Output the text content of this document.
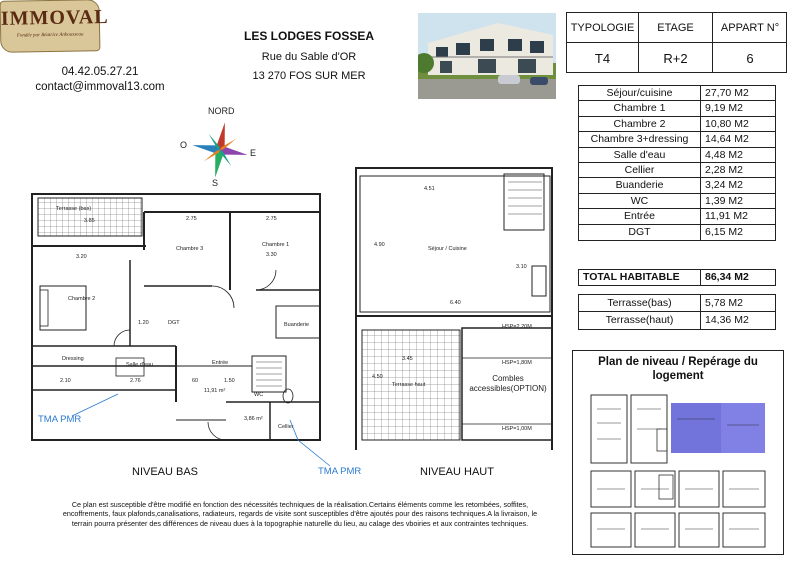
IMMOVAL
Fondée par Béatrice Anbousseau
04.42.05.27.21
contact@immoval13.com
LES LODGES FOSSEA
Rue du Sable d'OR
13 270 FOS SUR MER
TYPOLOGIE	ETAGE	APPART N°
T4	R+2	6
Séjour/cuisine	27,70 M2
Chambre 1	9,19 M2
Chambre 2	10,80 M2
Chambre 3+dressing	14,64 M2
Salle d'eau	4,48 M2
Cellier	2,28 M2
Buanderie	3,24 M2
WC	1,39 M2
Entrée	11,91 M2
DGT	6,15 M2
TOTAL HABITABLE	86,34 M2
Terrasse(bas)	5,78 M2
Terrasse(haut)	14,36 M2
NORD
O
E
S
Terrasse (bas)
Chambre 3
Chambre 1
Chambre 2
DGT	Buanderie
Dressing
Salle d'eau	Entrée
WC
Cellier
11,91 m²
3,86 m²
3.85	2.75	2.75
3.20	3.30
2.76	1.50
1.20
2.10	60
Séjour / Cuisine
Terrasse haut
Combles accessibles(OPTION)
HSP=2,20M
HSP=1,80M
HSP=1,00M
4.51
4.90
3.10
6.40
3.45
4.50
TMA PMR
TMA PMR
NIVEAU BAS	NIVEAU HAUT
Plan de niveau / Repérage du logement
Ce plan est susceptible d'être modifié en fonction des nécessités techniques de la réalisation.Certains éléments comme les retombées, soffites, encoffrements, faux plafonds,canalisations, radiateurs, regards de visite sont susceptibles d'être ajoutés pour des raisons techniques.A la livraison, le terrain pourra présenter des différences de niveau dues à la topographie naturelle du lieu, au calage des vboiries et aux contraintes techniques.
